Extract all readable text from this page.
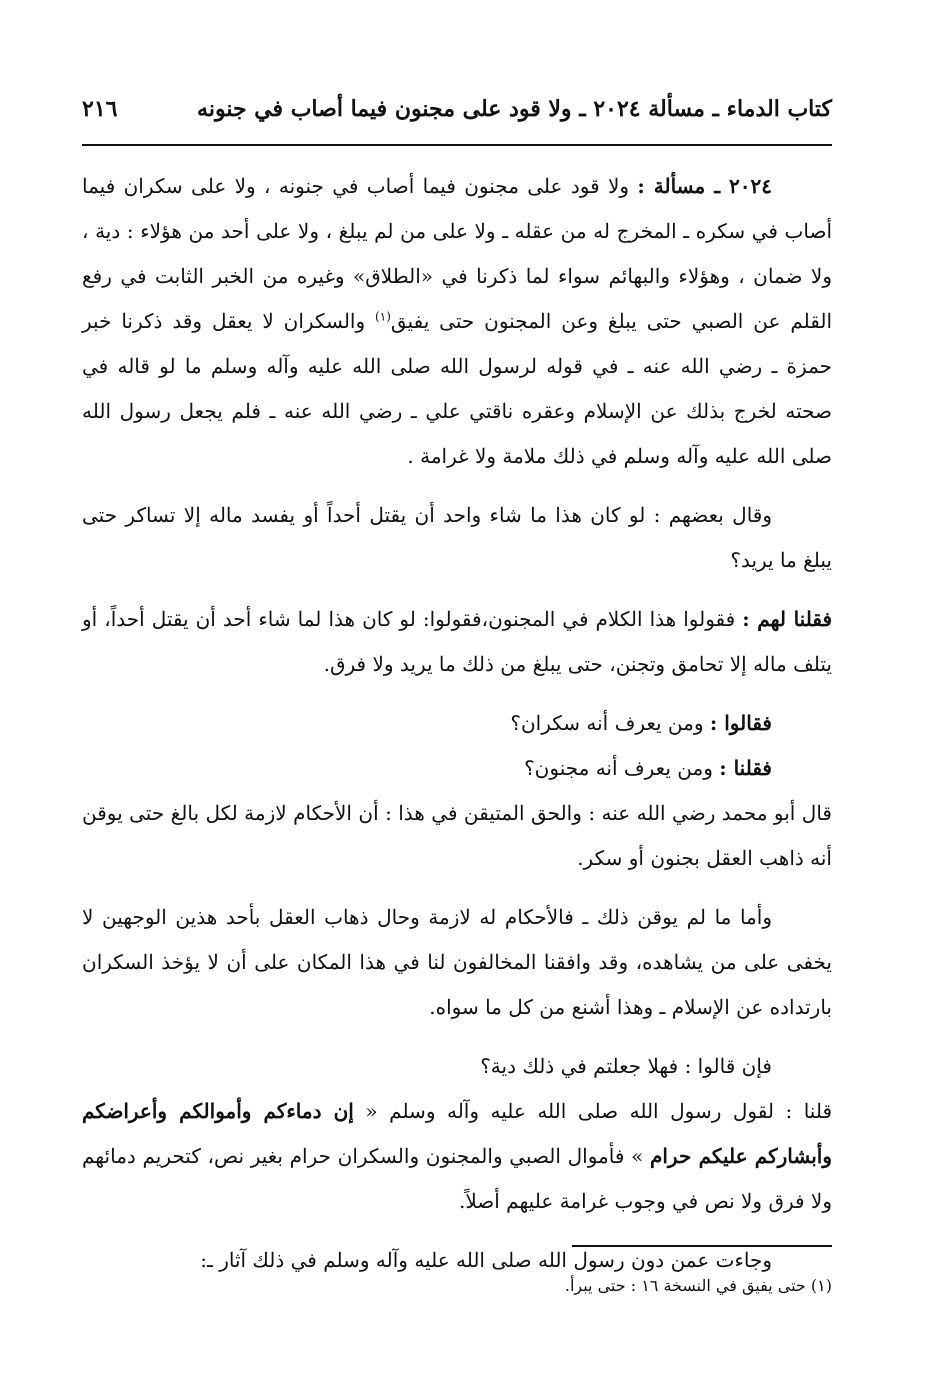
كتاب الدماء ـ مسألة ٢٠٢٤ ـ ولا قود على مجنون فيما أصاب في جنونه
٢١٦

٢٠٢٤ ـ مسألة : ولا قود على مجنون فيما أصاب في جنونه ، ولا على سكران فيما أصاب في سكره ـ المخرج له من عقله ـ ولا على من لم يبلغ ، ولا على أحد من هؤلاء : دية ، ولا ضمان ، وهؤلاء والبهائم سواء لما ذكرنا في «الطلاق» وغيره من الخبر الثابت في رفع القلم عن الصبي حتى يبلغ وعن المجنون حتى يفيق$^{(١)}$ والسكران لا يعقل وقد ذكرنا خبر حمزة ـ رضي الله عنه ـ في قوله لرسول الله صلى الله عليه وآله وسلم ما لو قاله في صحته لخرج بذلك عن الإسلام وعقره ناقتي علي ـ رضي الله عنه ـ فلم يجعل رسول الله صلى الله عليه وآله وسلم في ذلك ملامة ولا غرامة .

وقال بعضهم : لو كان هذا ما شاء واحد أن يقتل أحداً أو يفسد ماله إلا تساكر حتى يبلغ ما يريد؟

فقلنا لهم : فقولوا هذا الكلام في المجنون،فقولوا: لو كان هذا لما شاء أحد أن يقتل أحداً، أو يتلف ماله إلا تحامق وتجنن، حتى يبلغ من ذلك ما يريد ولا فرق.

فقالوا : ومن يعرف أنه سكران؟

فقلنا : ومن يعرف أنه مجنون؟

قال أبو محمد رضي الله عنه : والحق المتيقن في هذا : أن الأحكام لازمة لكل بالغ حتى يوقن أنه ذاهب العقل بجنون أو سكر.

وأما ما لم يوقن ذلك ـ فالأحكام له لازمة وحال ذهاب العقل بأحد هذين الوجهين لا يخفى على من يشاهده، وقد وافقنا المخالفون لنا في هذا المكان على أن لا يؤخذ السكران بارتداده عن الإسلام ـ وهذا أشنع من كل ما سواه.

فإن قالوا : فهلا جعلتم في ذلك دية؟

قلنا : لقول رسول الله صلى الله عليه وآله وسلم « إن دماءكم وأموالكم وأعراضكم وأبشاركم عليكم حرام » فأموال الصبي والمجنون والسكران حرام بغير نص، كتحريم دمائهم ولا فرق ولا نص في وجوب غرامة عليهم أصلاً.

وجاءت عمن دون رسول الله صلى الله عليه وآله وسلم في ذلك آثار ـ:

(١) حتى يفيق في النسخة ١٦ : حتى يبرأ.
